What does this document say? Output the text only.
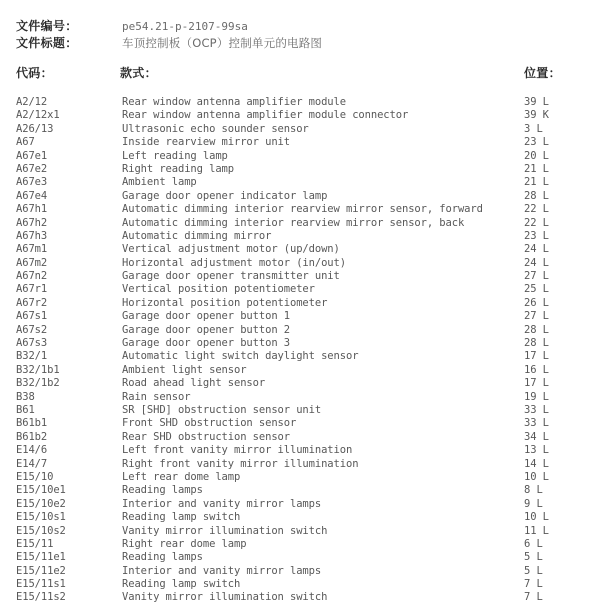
文件编号：	pe54.21-p-2107-99sa
文件标题：	车顶控制板（OCP）控制单元的电路图
代码：	款式：	位置：
A2/12	Rear window antenna amplifier module	39 L
A2/12x1	Rear window antenna amplifier module connector	39 K
A26/13	Ultrasonic echo sounder sensor	3 L
A67	Inside rearview mirror unit	23 L
A67e1	Left reading lamp	20 L
A67e2	Right reading lamp	21 L
A67e3	Ambient lamp	21 L
A67e4	Garage door opener indicator lamp	28 L
A67h1	Automatic dimming interior rearview mirror sensor, forward	22 L
A67h2	Automatic dimming interior rearview mirror sensor, back	22 L
A67h3	Automatic dimming mirror	23 L
A67m1	Vertical adjustment motor (up/down)	24 L
A67m2	Horizontal adjustment motor (in/out)	24 L
A67n2	Garage door opener transmitter unit	27 L
A67r1	Vertical position potentiometer	25 L
A67r2	Horizontal position potentiometer	26 L
A67s1	Garage door opener button 1	27 L
A67s2	Garage door opener button 2	28 L
A67s3	Garage door opener button 3	28 L
B32/1	Automatic light switch daylight sensor	17 L
B32/1b1	Ambient light sensor	16 L
B32/1b2	Road ahead light sensor	17 L
B38	Rain sensor	19 L
B61	SR [SHD] obstruction sensor unit	33 L
B61b1	Front SHD obstruction sensor	33 L
B61b2	Rear SHD obstruction sensor	34 L
E14/6	Left front vanity mirror illumination	13 L
E14/7	Right front vanity mirror illumination	14 L
E15/10	Left rear dome lamp	10 L
E15/10e1	Reading lamps	8 L
E15/10e2	Interior and vanity mirror lamps	9 L
E15/10s1	Reading lamp switch	10 L
E15/10s2	Vanity mirror illumination switch	11 L
E15/11	Right rear dome lamp	6 L
E15/11e1	Reading lamps	5 L
E15/11e2	Interior and vanity mirror lamps	5 L
E15/11s1	Reading lamp switch	7 L
E15/11s2	Vanity mirror illumination switch	7 L
